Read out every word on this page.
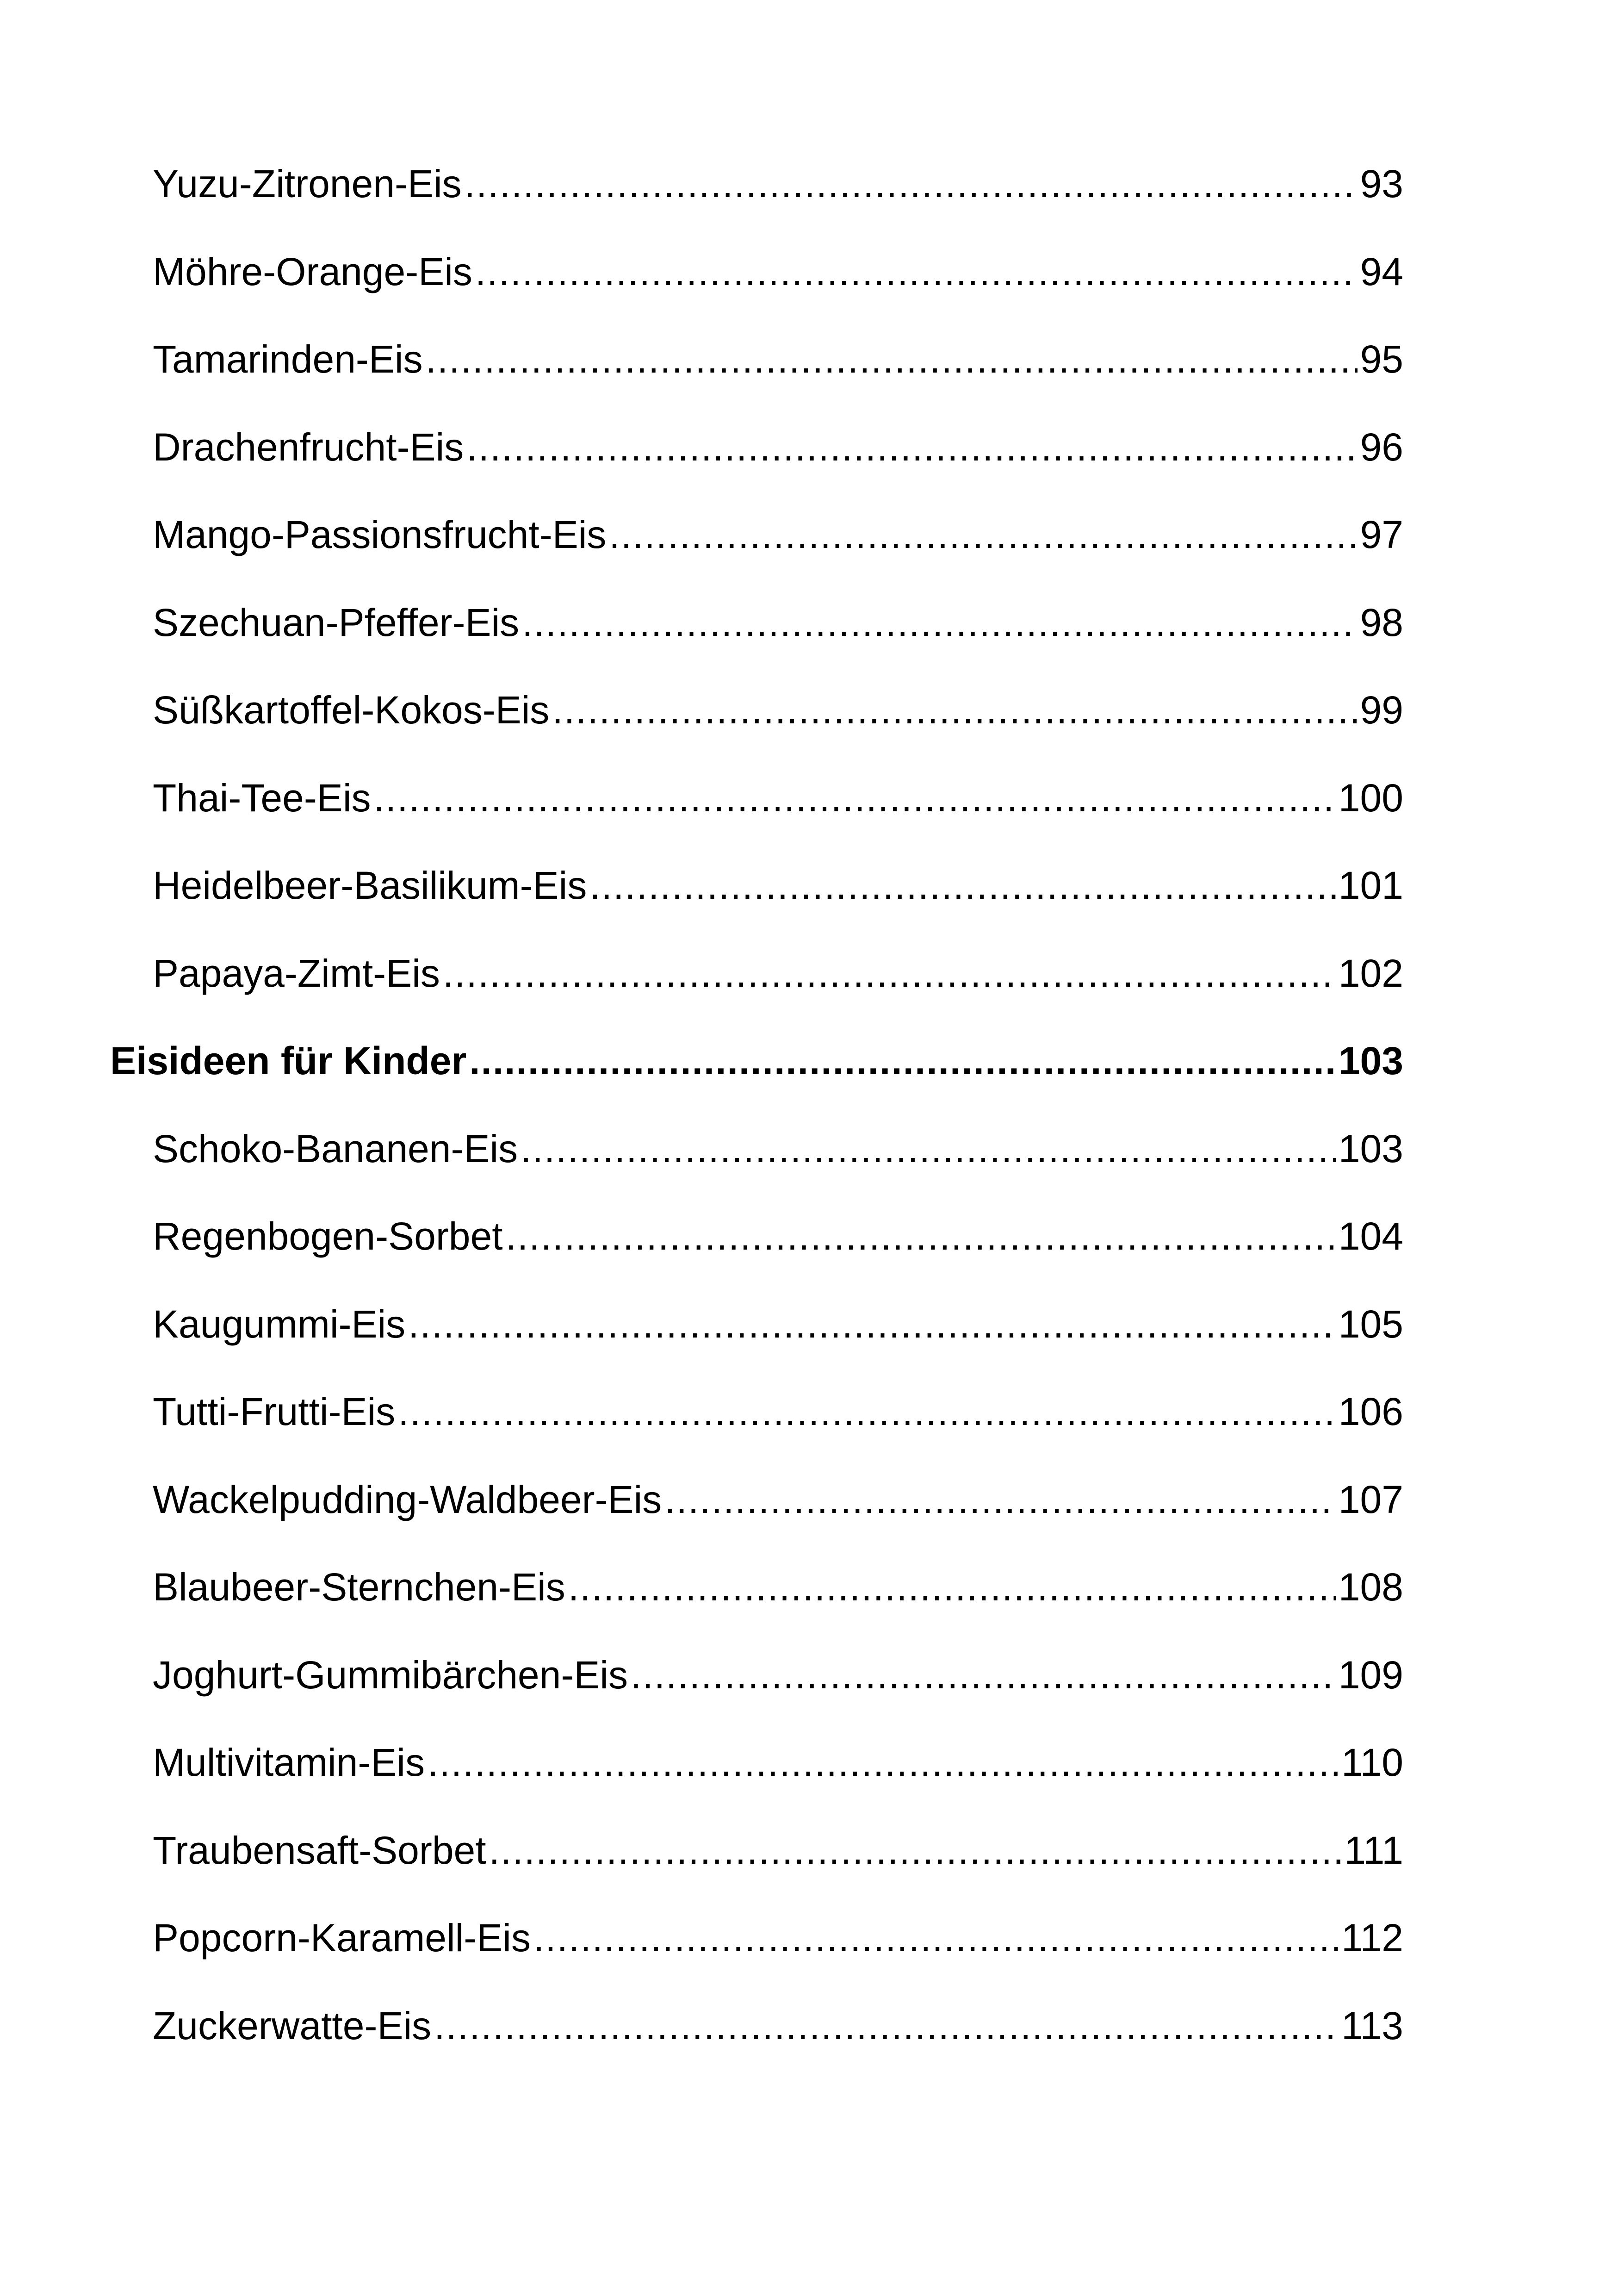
Yuzu-Zitronen-Eis .....	93
Möhre-Orange-Eis .....	94
Tamarinden-Eis .....	95
Drachenfrucht-Eis .....	96
Mango-Passionsfrucht-Eis .....	97
Szechuan-Pfeffer-Eis .....	98
Süßkartoffel-Kokos-Eis .....	99
Thai-Tee-Eis .....	100
Heidelbeer-Basilikum-Eis .....	101
Papaya-Zimt-Eis .....	102
Eisideen für Kinder .....	103
Schoko-Bananen-Eis .....	103
Regenbogen-Sorbet .....	104
Kaugummi-Eis .....	105
Tutti-Frutti-Eis .....	106
Wackelpudding-Waldbeer-Eis .....	107
Blaubeer-Sternchen-Eis .....	108
Joghurt-Gummibärchen-Eis .....	109
Multivitamin-Eis .....	110
Traubensaft-Sorbet .....	111
Popcorn-Karamell-Eis .....	112
Zuckerwatte-Eis .....	113
